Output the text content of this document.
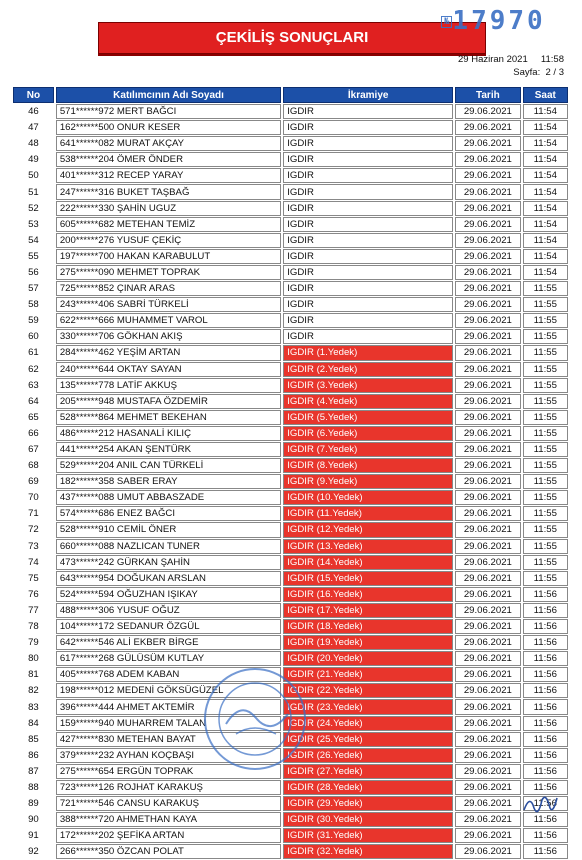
ÇEKİLİŞ SONUÇLARI
№ 17970
29 Haziran 2021     11:58
Sayfa:  2 / 3
No	Katılımcının Adı Soyadı	İkramiye	Tarih	Saat
46	571******972 MERT BAĞCI	IGDIR	29.06.2021	11:54
47	162******500 ONUR KESER	IGDIR	29.06.2021	11:54
48	641******082 MURAT AKÇAY	IGDIR	29.06.2021	11:54
49	538******204 ÖMER ÖNDER	IGDIR	29.06.2021	11:54
50	401******312 RECEP YARAY	IGDIR	29.06.2021	11:54
51	247******316 BUKET TAŞBAĞ	IGDIR	29.06.2021	11:54
52	222******330 ŞAHİN UGUZ	IGDIR	29.06.2021	11:54
53	605******682 METEHAN TEMİZ	IGDIR	29.06.2021	11:54
54	200******276 YUSUF ÇEKİÇ	IGDIR	29.06.2021	11:54
55	197******700 HAKAN KARABULUT	IGDIR	29.06.2021	11:54
56	275******090 MEHMET TOPRAK	IGDIR	29.06.2021	11:54
57	725******852 ÇINAR ARAS	IGDIR	29.06.2021	11:55
58	243******406 SABRİ TÜRKELİ	IGDIR	29.06.2021	11:55
59	622******666 MUHAMMET VAROL	IGDIR	29.06.2021	11:55
60	330******706 GÖKHAN AKIŞ	IGDIR	29.06.2021	11:55
61	284******462 YEŞİM ARTAN	IGDIR (1.Yedek)	29.06.2021	11:55
62	240******644 OKTAY SAYAN	IGDIR (2.Yedek)	29.06.2021	11:55
63	135******778 LATİF AKKUŞ	IGDIR (3.Yedek)	29.06.2021	11:55
64	205******948 MUSTAFA ÖZDEMİR	IGDIR (4.Yedek)	29.06.2021	11:55
65	528******864 MEHMET BEKEHAN	IGDIR (5.Yedek)	29.06.2021	11:55
66	486******212 HASANALİ KILIÇ	IGDIR (6.Yedek)	29.06.2021	11:55
67	441******254 AKAN ŞENTÜRK	IGDIR (7.Yedek)	29.06.2021	11:55
68	529******204 ANIL CAN TÜRKELİ	IGDIR (8.Yedek)	29.06.2021	11:55
69	182******358 SABER ERAY	IGDIR (9.Yedek)	29.06.2021	11:55
70	437******088 UMUT ABBASZADE	IGDIR (10.Yedek)	29.06.2021	11:55
71	574******686 ENEZ BAĞCI	IGDIR (11.Yedek)	29.06.2021	11:55
72	528******910 CEMİL ÖNER	IGDIR (12.Yedek)	29.06.2021	11:55
73	660******088 NAZLICAN TUNER	IGDIR (13.Yedek)	29.06.2021	11:55
74	473******242 GÜRKAN ŞAHİN	IGDIR (14.Yedek)	29.06.2021	11:55
75	643******954 DOĞUKAN ARSLAN	IGDIR (15.Yedek)	29.06.2021	11:55
76	524******594 OĞUZHAN IŞIKAY	IGDIR (16.Yedek)	29.06.2021	11:56
77	488******306 YUSUF OĞUZ	IGDIR (17.Yedek)	29.06.2021	11:56
78	104******172 SEDANUR ÖZGÜL	IGDIR (18.Yedek)	29.06.2021	11:56
79	642******546 ALİ EKBER BİRGE	IGDIR (19.Yedek)	29.06.2021	11:56
80	617******268 GÜLÜSÜM KUTLAY	IGDIR (20.Yedek)	29.06.2021	11:56
81	405******768 ADEM KABAN	IGDIR (21.Yedek)	29.06.2021	11:56
82	198******012 MEDENİ GÖKSÜGÜZEL	IGDIR (22.Yedek)	29.06.2021	11:56
83	396******444 AHMET AKTEMİR	IGDIR (23.Yedek)	29.06.2021	11:56
84	159******940 MUHARREM TALAN	IGDIR (24.Yedek)	29.06.2021	11:56
85	427******830 METEHAN BAYAT	IGDIR (25.Yedek)	29.06.2021	11:56
86	379******232 AYHAN KOÇBAŞI	IGDIR (26.Yedek)	29.06.2021	11:56
87	275******654 ERGÜN TOPRAK	IGDIR (27.Yedek)	29.06.2021	11:56
88	723******126 ROJHAT KARAKUŞ	IGDIR (28.Yedek)	29.06.2021	11:56
89	721******546 CANSU KARAKUŞ	IGDIR (29.Yedek)	29.06.2021	11:56
90	388******720 AHMETHAN KAYA	IGDIR (30.Yedek)	29.06.2021	11:56
91	172******202 ŞEFİKA ARTAN	IGDIR (31.Yedek)	29.06.2021	11:56
92	266******350 ÖZCAN POLAT	IGDIR (32.Yedek)	29.06.2021	11:56
